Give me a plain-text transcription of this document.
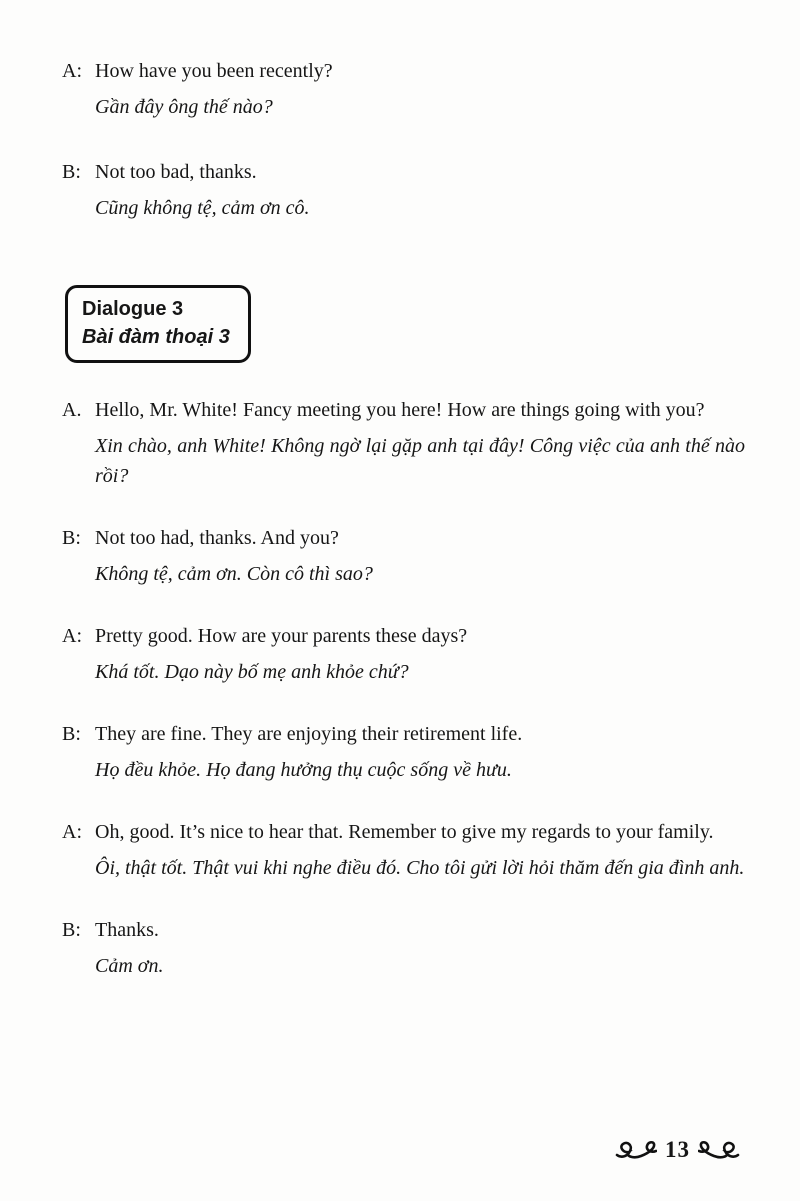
A: How have you been recently?

Gần đây ông thế nào?

B: Not too bad, thanks.

Cũng không tệ, cảm ơn cô.

Dialogue 3
Bài đàm thoại 3
A. Hello, Mr. White! Fancy meeting you here! How are things going with you?

Xin chào, anh White! Không ngờ lại gặp anh tại đây! Công việc của anh thế nào rồi?

B: Not too had, thanks. And you?

Không tệ, cảm ơn. Còn cô thì sao?

A: Pretty good. How are your parents these days?

Khá tốt. Dạo này bố mẹ anh khỏe chứ?

B: They are fine. They are enjoying their retirement life.

Họ đều khỏe. Họ đang hưởng thụ cuộc sống về hưu.

A: Oh, good. It’s nice to hear that. Remember to give my regards to your family.

Ôi, thật tốt. Thật vui khi nghe điều đó. Cho tôi gửi lời hỏi thăm đến gia đình anh.

B: Thanks.

Cảm ơn.

13
